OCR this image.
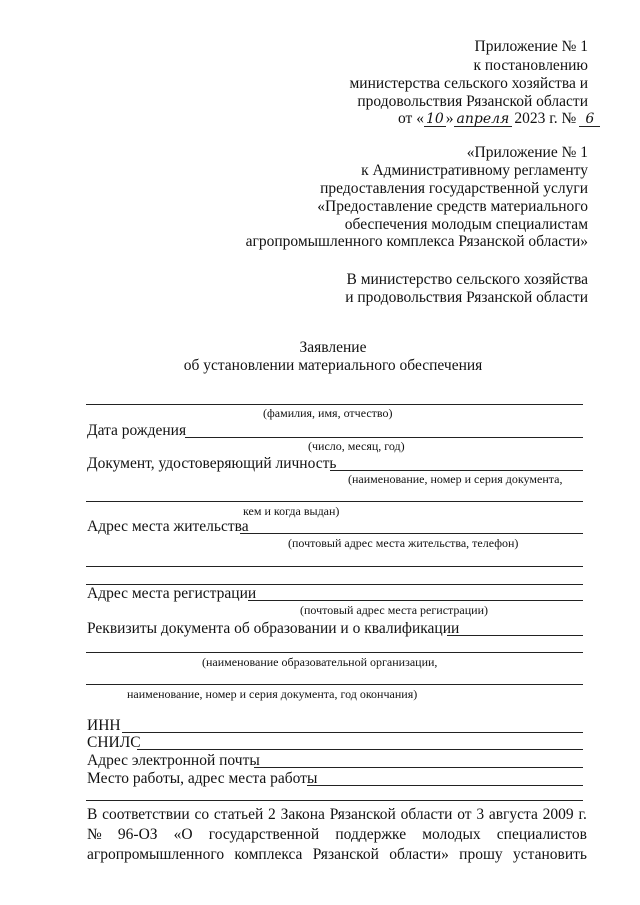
Приложение № 1
к постановлению
министерства сельского хозяйства и
продовольствия Рязанской области
от « 10 » апреля 2023 г. № 6
«Приложение № 1
к Административному регламенту
предоставления государственной услуги
«Предоставление средств материального
обеспечения молодым специалистам
агропромышленного комплекса Рязанской области»
В министерство сельского хозяйства
и продовольствия Рязанской области
Заявление
об установлении материального обеспечения
(фамилия, имя, отчество)
Дата рождения
(число, месяц, год)
Документ, удостоверяющий личность
(наименование, номер и серия документа,
кем и когда выдан)
Адрес места жительства
(почтовый адрес места жительства, телефон)
Адрес места регистрации
(почтовый адрес места регистрации)
Реквизиты документа об образовании и о квалификации
(наименование образовательной организации,
наименование, номер и серия документа, год окончания)
ИНН
СНИЛС
Адрес электронной почты
Место работы, адрес места работы
В соответствии со статьей 2 Закона Рязанской области от 3 августа 2009 г.
№ 96-ОЗ «О государственной поддержке молодых специалистов
агропромышленного комплекса Рязанской области» прошу установить
